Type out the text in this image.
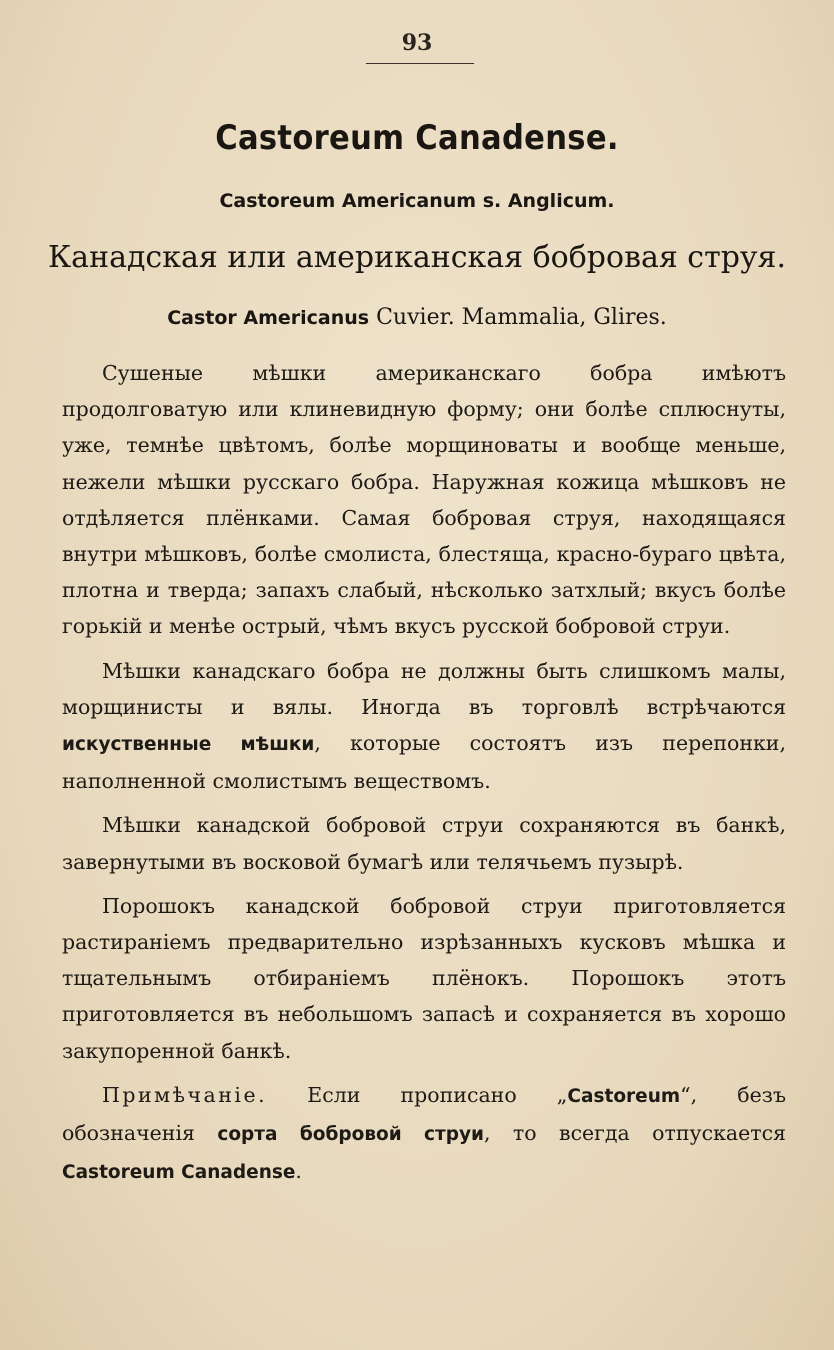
93
Castoreum Canadense.
Castoreum Americanum s. Anglicum.
Канадская или американская бобровая струя.
Castor Americanus Cuvier. Mammalia, Glires.

Сушеные мѣшки американскаго бобра имѣютъ продолговатую или клиневидную форму; они болѣе сплюснуты, уже, темнѣе цвѣтомъ, болѣе морщиноваты и вообще меньше, нежели мѣшки русскаго бобра. Наружная кожица мѣшковъ не отдѣляется плёнками. Самая бобровая струя, находящаяся внутри мѣшковъ, болѣе смолиста, блестяща, красно-бураго цвѣта, плотна и тверда; запахъ слабый, нѣсколько затхлый; вкусъ болѣе горькій и менѣе острый, чѣмъ вкусъ русской бобровой струи.

Мѣшки канадскаго бобра не должны быть слишкомъ малы, морщинисты и вялы. Иногда въ торговлѣ встрѣчаются искуственные мѣшки, которые состоятъ изъ перепонки, наполненной смолистымъ веществомъ.

Мѣшки канадской бобровой струи сохраняются въ банкѣ, завернутыми въ восковой бумагѣ или телячьемъ пузырѣ.

Порошокъ канадской бобровой струи приготовляется растираніемъ предварительно изрѣзанныхъ кусковъ мѣшка и тщательнымъ отбираніемъ плёнокъ. Порошокъ этотъ приготовляется въ небольшомъ запасѣ и сохраняется въ хорошо закупоренной банкѣ.

Примѣчаніе. Если прописано „Castoreum“, безъ обозначенія сорта бобровой струи, то всегда отпускается Castoreum Canadense.
